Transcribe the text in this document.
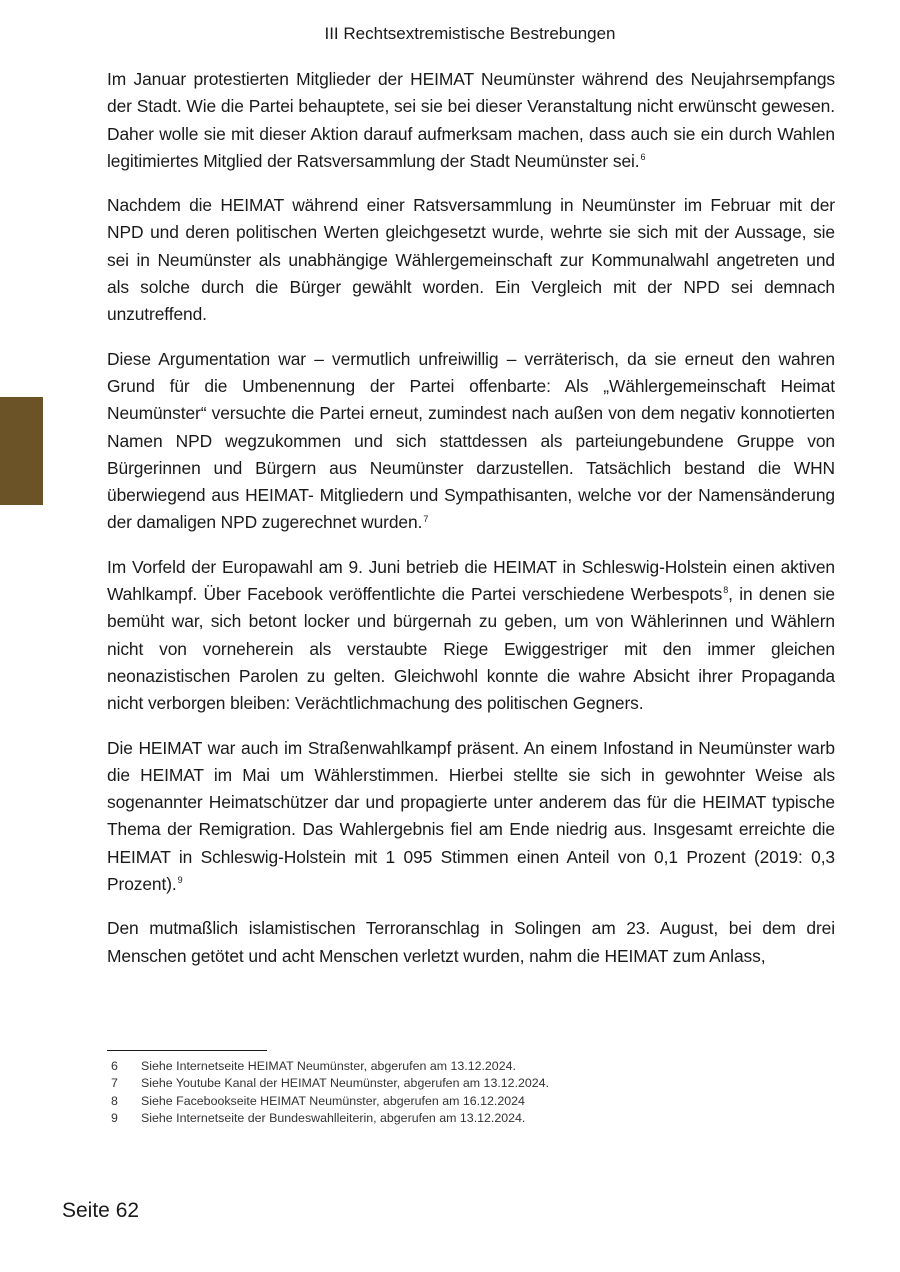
III Rechtsextremistische Bestrebungen

Im Januar protestierten Mitglieder der HEIMAT Neumünster während des Neujahrsempfangs der Stadt. Wie die Partei behauptete, sei sie bei dieser Veranstaltung nicht erwünscht gewesen. Daher wolle sie mit dieser Aktion darauf aufmerksam machen, dass auch sie ein durch Wahlen legitimiertes Mitglied der Ratsversammlung der Stadt Neumünster sei.$^6$

Nachdem die HEIMAT während einer Ratsversammlung in Neumünster im Februar mit der NPD und deren politischen Werten gleichgesetzt wurde, wehrte sie sich mit der Aussage, sie sei in Neumünster als unabhängige Wählergemeinschaft zur Kommunalwahl angetreten und als solche durch die Bürger gewählt worden. Ein Vergleich mit der NPD sei demnach unzutreffend.

Diese Argumentation war – vermutlich unfreiwillig – verräterisch, da sie erneut den wahren Grund für die Umbenennung der Partei offenbarte: Als „Wählergemeinschaft Heimat Neumünster“ versuchte die Partei erneut, zumindest nach außen von dem negativ konnotierten Namen NPD wegzukommen und sich stattdessen als parteiungebundene Gruppe von Bürgerinnen und Bürgern aus Neumünster darzustellen. Tatsächlich bestand die WHN überwiegend aus HEIMAT- Mitgliedern und Sympathisanten, welche vor der Namensänderung der damaligen NPD zugerechnet wurden.$^7$

Im Vorfeld der Europawahl am 9. Juni betrieb die HEIMAT in Schleswig-Holstein einen aktiven Wahlkampf. Über Facebook veröffentlichte die Partei verschiedene Werbespots$^8$, in denen sie bemüht war, sich betont locker und bürgernah zu geben, um von Wählerinnen und Wählern nicht von vorneherein als verstaubte Riege Ewiggestriger mit den immer gleichen neonazistischen Parolen zu gelten. Gleichwohl konnte die wahre Absicht ihrer Propaganda nicht verborgen bleiben: Verächtlichmachung des politischen Gegners.

Die HEIMAT war auch im Straßenwahlkampf präsent. An einem Infostand in Neumünster warb die HEIMAT im Mai um Wählerstimmen. Hierbei stellte sie sich in gewohnter Weise als sogenannter Heimatschützer dar und propagierte unter anderem das für die HEIMAT typische Thema der Remigration. Das Wahlergebnis fiel am Ende niedrig aus. Insgesamt erreichte die HEIMAT in Schleswig-Holstein mit 1 095 Stimmen einen Anteil von 0,1 Prozent (2019: 0,3 Prozent).$^9$

Den mutmaßlich islamistischen Terroranschlag in Solingen am 23. August, bei dem drei Menschen getötet und acht Menschen verletzt wurden, nahm die HEIMAT zum Anlass,

6	Siehe Internetseite HEIMAT Neumünster, abgerufen am 13.12.2024.
7	Siehe Youtube Kanal der HEIMAT Neumünster, abgerufen am 13.12.2024.
8	Siehe Facebookseite HEIMAT Neumünster, abgerufen am 16.12.2024
9	Siehe Internetseite der Bundeswahlleiterin, abgerufen am 13.12.2024.
Seite 62
